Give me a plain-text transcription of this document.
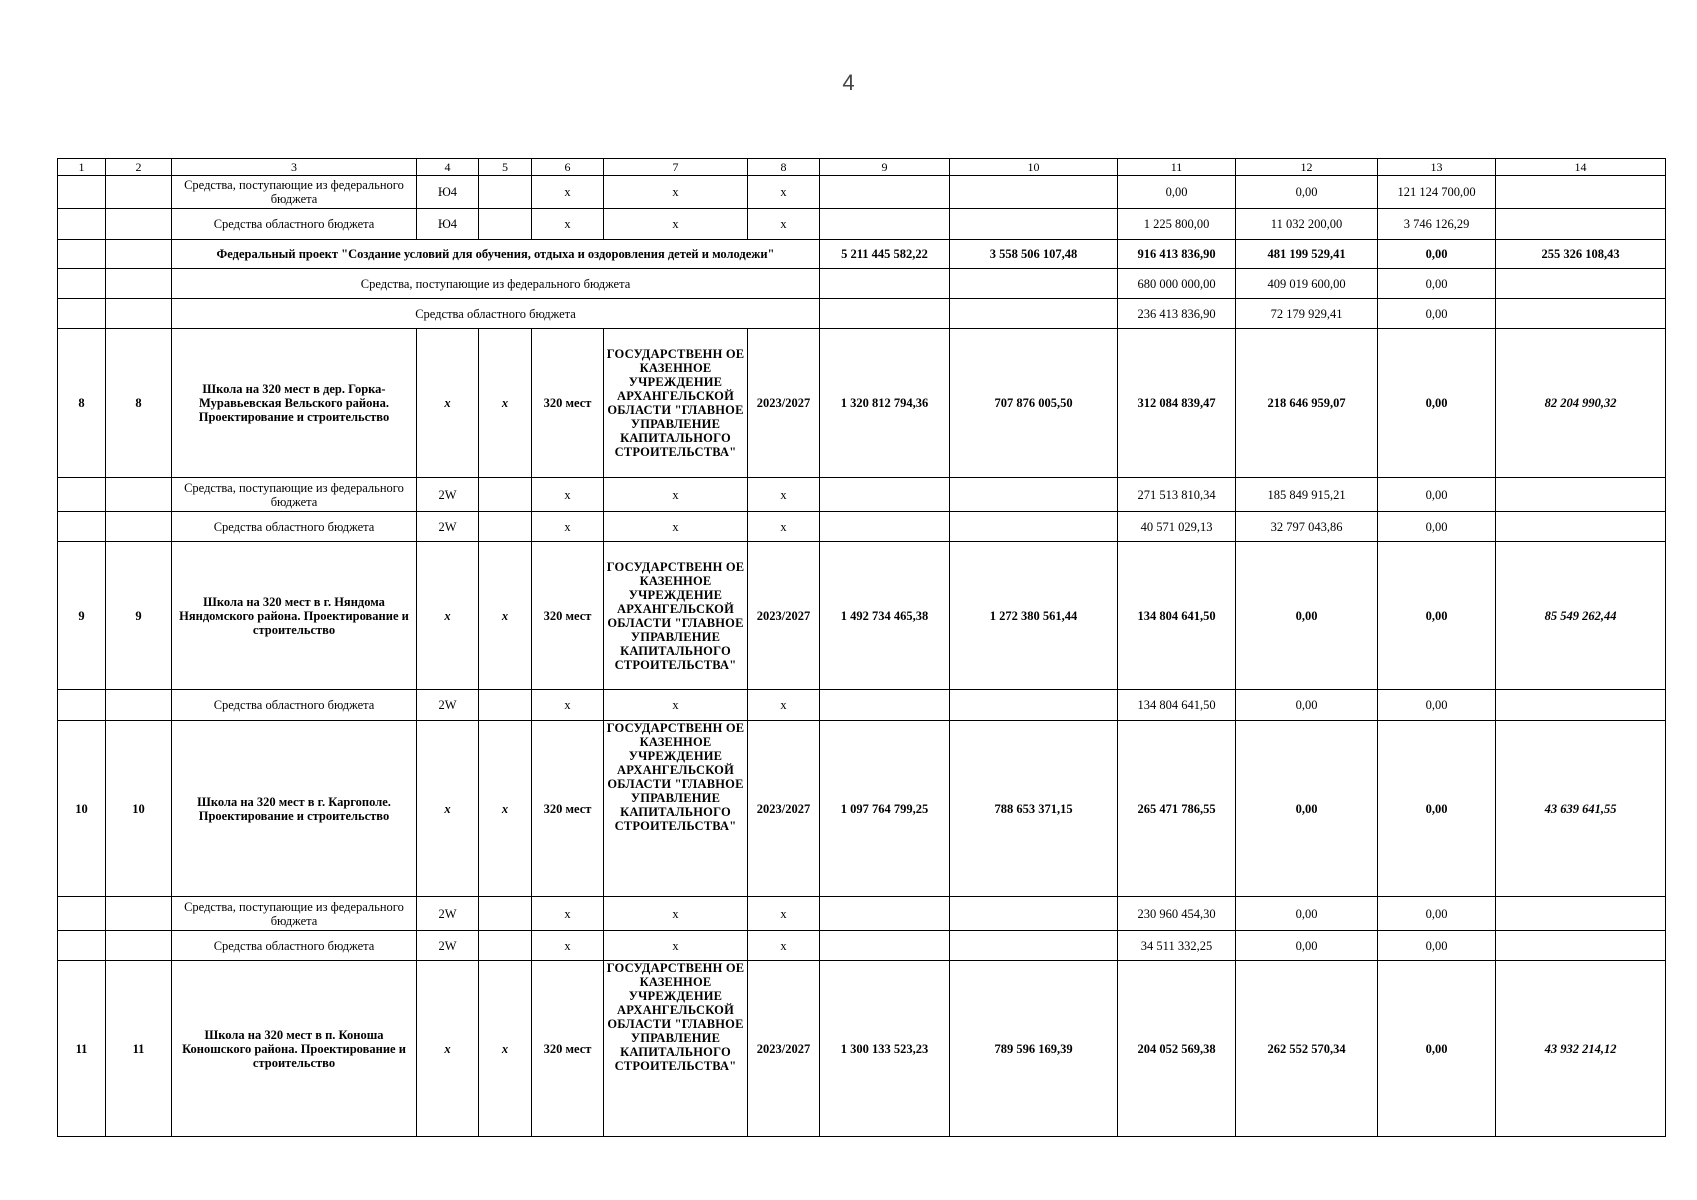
4
1	2	3	4	5	6	7	8	9	10	11	12	13	14
		Средства, поступающие из федерального бюджета	Ю4		x	x	x			0,00	0,00	121 124 700,00	
		Средства областного бюджета	Ю4		x	x	x			1 225 800,00	11 032 200,00	3 746 126,29	
		Федеральный проект "Создание условий для обучения, отдыха и оздоровления детей и молодежи"						5 211 445 582,22	3 558 506 107,48	916 413 836,90	481 199 529,41	0,00	255 326 108,43
		Средства, поступающие из федерального бюджета								680 000 000,00	409 019 600,00	0,00	
		Средства областного бюджета								236 413 836,90	72 179 929,41	0,00	
8	8	Школа на 320 мест в дер. Горка-Муравьевская Вельского района. Проектирование и строительство	x	x	320 мест	ГОСУДАРСТВЕНН ОЕ КАЗЕННОЕ УЧРЕЖДЕНИЕ АРХАНГЕЛЬСКОЙ ОБЛАСТИ "ГЛАВНОЕ УПРАВЛЕНИЕ КАПИТАЛЬНОГО СТРОИТЕЛЬСТВА"	2023/2027	1 320 812 794,36	707 876 005,50	312 084 839,47	218 646 959,07	0,00	82 204 990,32
		Средства, поступающие из федерального бюджета	2W		x	x	x			271 513 810,34	185 849 915,21	0,00	
		Средства областного бюджета	2W		x	x	x			40 571 029,13	32 797 043,86	0,00	
9	9	Школа на 320 мест в г. Няндома Няндомского района. Проектирование и строительство	x	x	320 мест	ГОСУДАРСТВЕНН ОЕ КАЗЕННОЕ УЧРЕЖДЕНИЕ АРХАНГЕЛЬСКОЙ ОБЛАСТИ "ГЛАВНОЕ УПРАВЛЕНИЕ КАПИТАЛЬНОГО СТРОИТЕЛЬСТВА"	2023/2027	1 492 734 465,38	1 272 380 561,44	134 804 641,50	0,00	0,00	85 549 262,44
		Средства областного бюджета	2W		x	x	x			134 804 641,50	0,00	0,00	
10	10	Школа на 320 мест в г. Каргополе. Проектирование и строительство	x	x	320 мест	ГОСУДАРСТВЕНН ОЕ КАЗЕННОЕ УЧРЕЖДЕНИЕ АРХАНГЕЛЬСКОЙ ОБЛАСТИ "ГЛАВНОЕ УПРАВЛЕНИЕ КАПИТАЛЬНОГО СТРОИТЕЛЬСТВА"	2023/2027	1 097 764 799,25	788 653 371,15	265 471 786,55	0,00	0,00	43 639 641,55
		Средства, поступающие из федерального бюджета	2W		x	x	x			230 960 454,30	0,00	0,00	
		Средства областного бюджета	2W		x	x	x			34 511 332,25	0,00	0,00	
11	11	Школа на 320 мест в п. Коноша Коношского района. Проектирование и строительство	x	x	320 мест	ГОСУДАРСТВЕНН ОЕ КАЗЕННОЕ УЧРЕЖДЕНИЕ АРХАНГЕЛЬСКОЙ ОБЛАСТИ "ГЛАВНОЕ УПРАВЛЕНИЕ КАПИТАЛЬНОГО СТРОИТЕЛЬСТВА"	2023/2027	1 300 133 523,23	789 596 169,39	204 052 569,38	262 552 570,34	0,00	43 932 214,12
